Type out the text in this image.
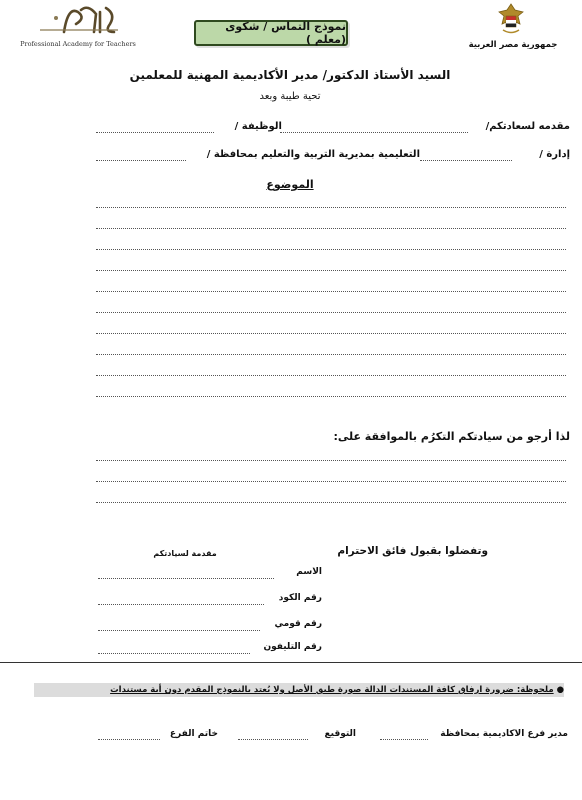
جمهورية مصر العربية
نموذج التماس / شكوى (معلم )
Professional Academy for Teachers
السيد الأستاذ الدكتور/ مدير الأكاديمية المهنية للمعلمين
تحية طيبة وبعد
مقدمه لسعادتكم/
الوظيفة /
إدارة /
التعليمية بمديرية التربية والتعليم بمحافظة /
الموضوع
لذا أرجو من سيادتكم التكرُم بالموافقة على:
وتفضلوا بقبول فائق الاحترام
مقدمة لسيادتكم
الاسم
رقم الكود
رقم قومي
رقم التليفون
● ملحوظة: ضرورة ارفاق كافة المستندات الدالة صورة طبق الأصل ولا يُعتد بالنموذج المقدم دون أية مستندات
مدير فرع الاكاديمية بمحافظة
التوقيع
خاتم الفرع
